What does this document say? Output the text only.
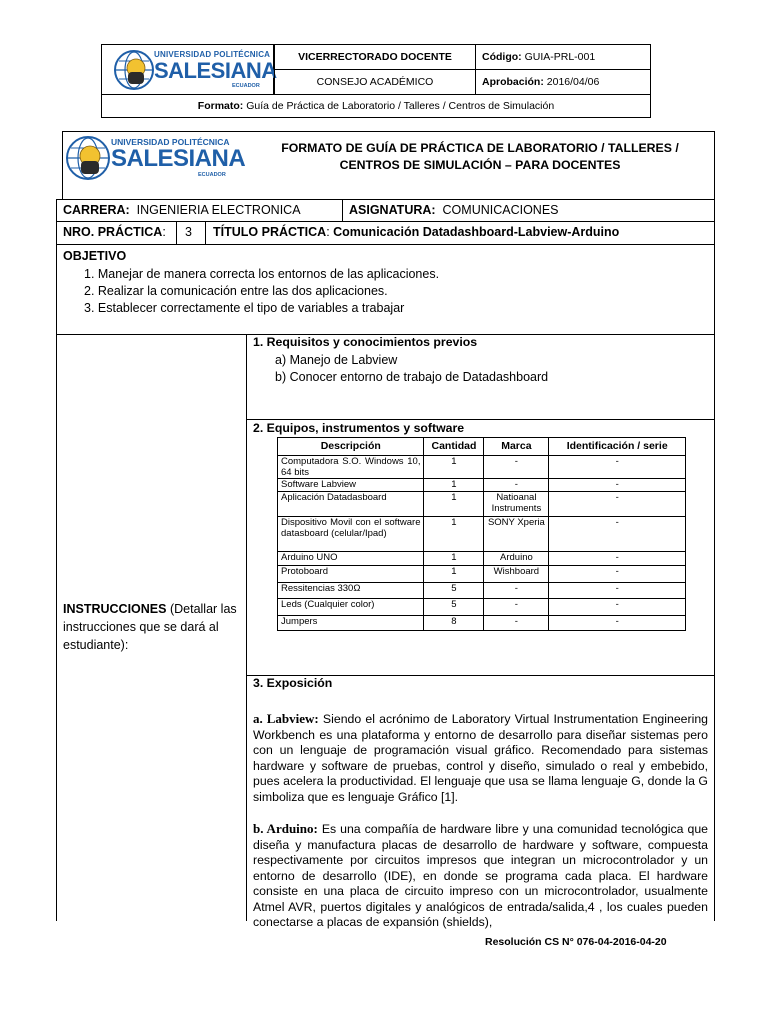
UNIVERSIDAD POLITÉCNICA
SALESIANA
ECUADOR
VICERRECTORADO DOCENTE
CONSEJO ACADÉMICO
Código:
GUIA-PRL-001
Aprobación:
2016/04/06
Formato:
Guía de Práctica de Laboratorio / Talleres / Centros de Simulación
UNIVERSIDAD POLITÉCNICA
SALESIANA
ECUADOR
FORMATO DE GUÍA DE PRÁCTICA DE LABORATORIO / TALLERES /
CENTROS DE SIMULACIÓN – PARA DOCENTES
CARRERA: INGENIERIA ELECTRONICA	ASIGNATURA: COMUNICACIONES
NRO. PRÁCTICA:	3	TÍTULO PRÁCTICA: Comunicación Datadashboard-Labview-Arduino
OBJETIVO
1. Manejar de manera correcta los entornos de las aplicaciones.
2. Realizar la comunicación entre las dos aplicaciones.
3. Establecer correctamente el tipo de variables a trabajar
INSTRUCCIONES (Detallar las instrucciones que se dará al estudiante):
1. Requisitos y conocimientos previos
a) Manejo de Labview
b) Conocer entorno de trabajo de Datadashboard
2. Equipos, instrumentos y software
Descripción	Cantidad	Marca	Identificación / serie
Computadora S.O. Windows 10, 64 bits	1	-	-
Software Labview	1	-	-
Aplicación Datadasboard	1	Natioanal Instruments	-
Dispositivo Movil con el software datasboard (celular/Ipad)	1	SONY Xperia	-
Arduino UNO	1	Arduino	-
Protoboard	1	Wishboard	-
Ressitencias 330Ω	5	-	-
Leds (Cualquier color)	5	-	-
Jumpers	8	-	-
3. Exposición
a. Labview: Siendo el acrónimo de Laboratory Virtual Instrumentation Engineering Workbench es una plataforma y entorno de desarrollo para diseñar sistemas pero con un lenguaje de programación visual gráfico. Recomendado para sistemas hardware y software de pruebas, control y diseño, simulado o real y embebido, pues acelera la productividad. El lenguaje que usa se llama lenguaje G, donde la G simboliza que es lenguaje Gráfico [1].
b. Arduino: Es una compañía de hardware libre y una comunidad tecnológica que diseña y manufactura placas de desarrollo de hardware y software, compuesta respectivamente por circuitos impresos que integran un microcontrolador y un entorno de desarrollo (IDE), en donde se programa cada placa. El hardware consiste en una placa de circuito impreso con un microcontrolador, usualmente Atmel AVR, puertos digitales y analógicos de entrada/salida,4 , los cuales pueden conectarse a placas de expansión (shields),
Resolución CS N° 076-04-2016-04-20
